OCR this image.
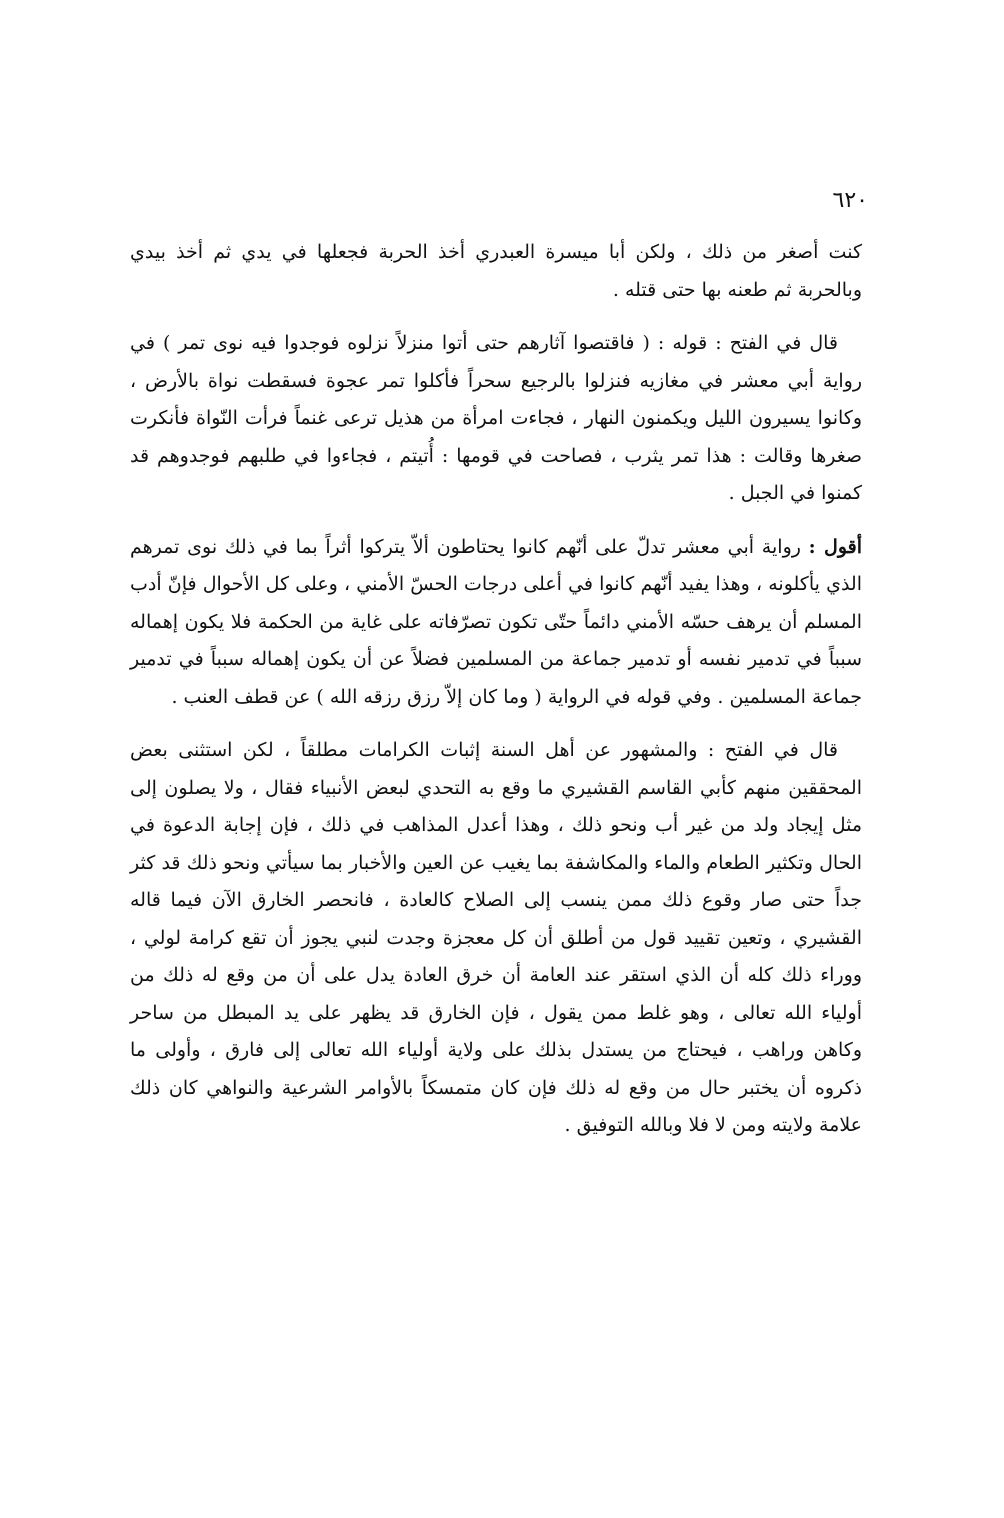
٦٢٠

كنت أصغر من ذلك ، ولكن أبا ميسرة العبدري أخذ الحربة فجعلها في يدي ثم أخذ بيدي وبالحربة ثم طعنه بها حتى قتله .

قال في الفتح : قوله : ( فاقتصوا آثارهم حتى أتوا منزلاً نزلوه فوجدوا فيه نوى تمر ) في رواية أبي معشر في مغازيه فنزلوا بالرجيع سحراً فأكلوا تمر عجوة فسقطت نواة بالأرض ، وكانوا يسيرون الليل ويكمنون النهار ، فجاءت امرأة من هذيل ترعى غنماً فرأت النّواة فأنكرت صغرها وقالت : هذا تمر يثرب ، فصاحت في قومها : أُتيتم ، فجاءوا في طلبهم فوجدوهم قد كمنوا في الجبل .

أقول : رواية أبي معشر تدلّ على أنّهم كانوا يحتاطون ألاّ يتركوا أثراً بما في ذلك نوى تمرهم الذي يأكلونه ، وهذا يفيد أنّهم كانوا في أعلى درجات الحسّ الأمني ، وعلى كل الأحوال فإنّ أدب المسلم أن يرهف حسّه الأمني دائماً حتّى تكون تصرّفاته على غاية من الحكمة فلا يكون إهماله سبباً في تدمير نفسه أو تدمير جماعة من المسلمين فضلاً عن أن يكون إهماله سبباً في تدمير جماعة المسلمين . وفي قوله في الرواية ( وما كان إلاّ رزق رزقه الله ) عن قطف العنب .

قال في الفتح : والمشهور عن أهل السنة إثبات الكرامات مطلقاً ، لكن استثنى بعض المحققين منهم كأبي القاسم القشيري ما وقع به التحدي لبعض الأنبياء فقال ، ولا يصلون إلى مثل إيجاد ولد من غير أب ونحو ذلك ، وهذا أعدل المذاهب في ذلك ، فإن إجابة الدعوة في الحال وتكثير الطعام والماء والمكاشفة بما يغيب عن العين والأخبار بما سيأتي ونحو ذلك قد كثر جداً حتى صار وقوع ذلك ممن ينسب إلى الصلاح كالعادة ، فانحصر الخارق الآن فيما قاله القشيري ، وتعين تقييد قول من أطلق أن كل معجزة وجدت لنبي يجوز أن تقع كرامة لولي ، ووراء ذلك كله أن الذي استقر عند العامة أن خرق العادة يدل على أن من وقع له ذلك من أولياء الله تعالى ، وهو غلط ممن يقول ، فإن الخارق قد يظهر على يد المبطل من ساحر وكاهن وراهب ، فيحتاج من يستدل بذلك على ولاية أولياء الله تعالى إلى فارق ، وأولى ما ذكروه أن يختبر حال من وقع له ذلك فإن كان متمسكاً بالأوامر الشرعية والنواهي كان ذلك علامة ولايته ومن لا فلا وبالله التوفيق .
